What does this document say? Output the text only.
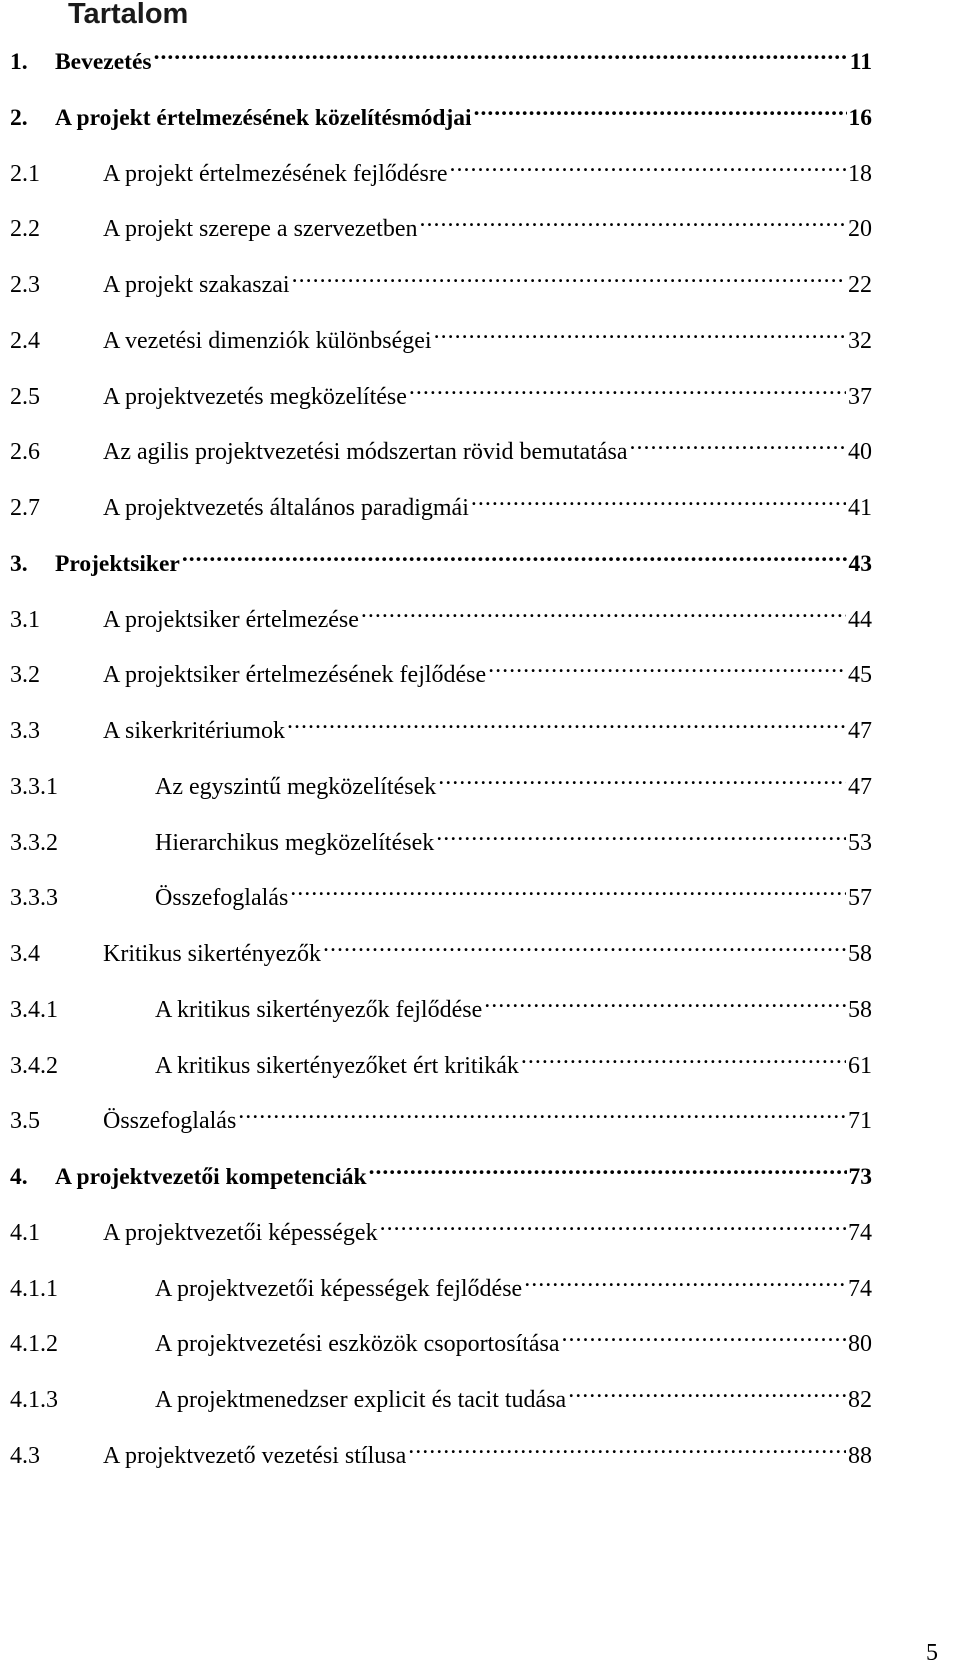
Tartalom
1.	Bevezetés .....	11
2.	A projekt értelmezésének közelítésmódjai .....	16
2.1	A projekt értelmezésének fejlődésre .....	18
2.2	A projekt szerepe a szervezetben .....	20
2.3	A projekt szakaszai .....	22
2.4	A vezetési dimenziók különbségei .....	32
2.5	A projektvezetés megközelítése .....	37
2.6	Az agilis projektvezetési módszertan rövid bemutatása .....	40
2.7	A projektvezetés általános paradigmái .....	41
3.	Projektsiker .....	43
3.1	A projektsiker értelmezése .....	44
3.2	A projektsiker értelmezésének fejlődése .....	45
3.3	A sikerkritériumok .....	47
3.3.1	Az egyszintű megközelítések .....	47
3.3.2	Hierarchikus megközelítések .....	53
3.3.3	Összefoglalás .....	57
3.4	Kritikus sikertényezők .....	58
3.4.1	A kritikus sikertényezők fejlődése .....	58
3.4.2	A kritikus sikertényezőket ért kritikák .....	61
3.5	Összefoglalás .....	71
4.	A projektvezetői kompetenciák .....	73
4.1	A projektvezetői képességek .....	74
4.1.1	A projektvezetői képességek fejlődése .....	74
4.1.2	A projektvezetési eszközök csoportosítása .....	80
4.1.3	A projektmenedzser explicit és tacit tudása .....	82
4.3	A projektvezető vezetési stílusa .....	88

5
